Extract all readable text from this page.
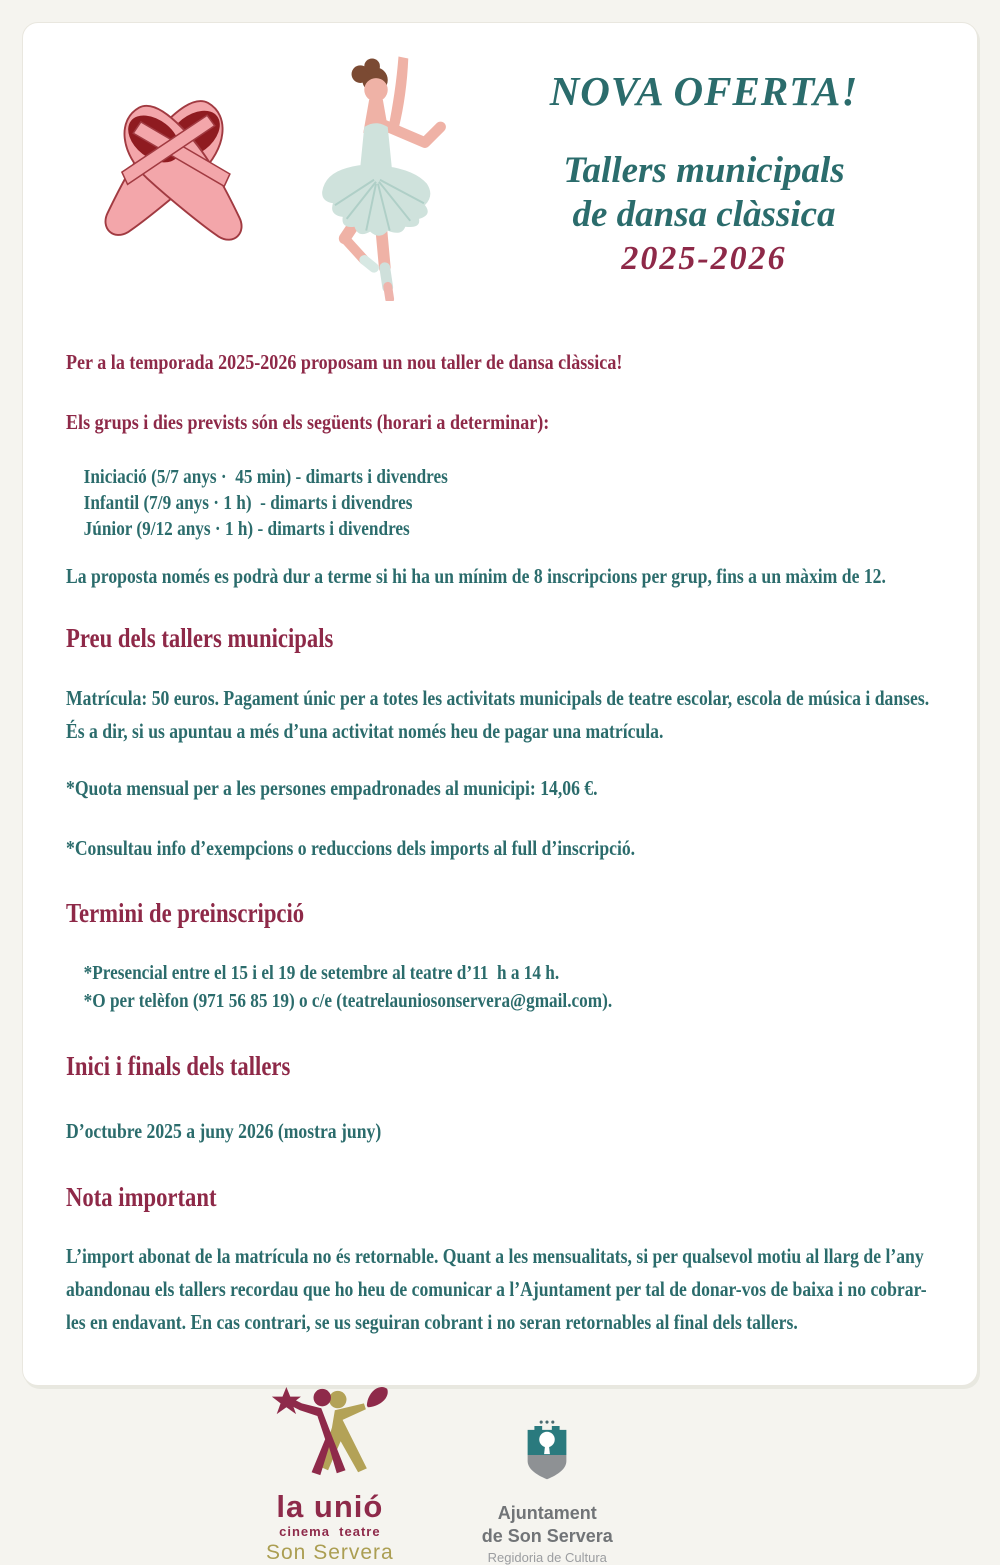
NOVA OFERTA!
Tallers municipals
de dansa clàssica
2025-2026

Per a la temporada 2025-2026 proposam un nou taller de dansa clàssica!

Els grups i dies prevists són els següents (horari a determinar):

Iniciació (5/7 anys ·  45 min) - dimarts i divendres
Infantil (7/9 anys · 1 h)  - dimarts i divendres
Júnior (9/12 anys · 1 h) - dimarts i divendres

La proposta només es podrà dur a terme si hi ha un mínim de 8 inscripcions per grup, fins a un màxim de 12.

Preu dels tallers municipals

Matrícula: 50 euros. Pagament únic per a totes les activitats municipals de teatre escolar, escola de música i danses. És a dir, si us apuntau a més d’una activitat només heu de pagar una matrícula.

*Quota mensual per a les persones empadronades al municipi: 14,06 €.

*Consultau info d’exempcions o reduccions dels imports al full d’inscripció.

Termini de preinscripció

*Presencial entre el 15 i el 19 de setembre al teatre d’11  h a 14 h.
*O per telèfon (971 56 85 19) o c/e (teatrelauniosonservera@gmail.com).

Inici i finals dels tallers

D’octubre 2025 a juny 2026 (mostra juny)

Nota important

L’import abonat de la matrícula no és retornable. Quant a les mensualitats, si per qualsevol motiu al llarg de l’any abandonau els tallers recordau que ho heu de comunicar a l’Ajuntament per tal de donar-vos de baixa i no cobrar-les en endavant. En cas contrari, se us seguiran cobrant i no seran retornables al final dels tallers.

la unió
cinema  teatre
Son Servera
Ajuntament
de Son Servera
Regidoria de Cultura
